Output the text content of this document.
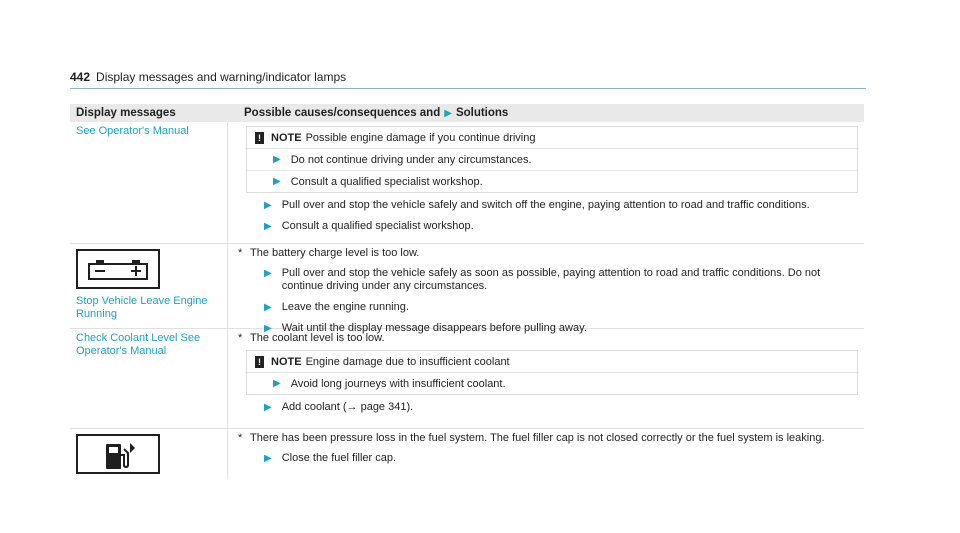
442 Display messages and warning/indicator lamps
Display messages	Possible causes/consequences and ▶ Solutions
See Operator's Manual
! NOTE Possible engine damage if you continue driving
▶ Do not continue driving under any circumstances.
▶ Consult a qualified specialist workshop.
▶ Pull over and stop the vehicle safely and switch off the engine, paying attention to road and traffic conditions.
▶ Consult a qualified specialist workshop.
Stop Vehicle Leave Engine Running
* The battery charge level is too low.
▶ Pull over and stop the vehicle safely as soon as possible, paying attention to road and traffic conditions. Do not continue driving under any circumstances.
▶ Leave the engine running.
▶ Wait until the display message disappears before pulling away.
Check Coolant Level See Operator's Manual
* The coolant level is too low.
! NOTE Engine damage due to insufficient coolant
▶ Avoid long journeys with insufficient coolant.
▶ Add coolant (→ page 341).
* There has been pressure loss in the fuel system. The fuel filler cap is not closed correctly or the fuel system is leaking.
▶ Close the fuel filler cap.
